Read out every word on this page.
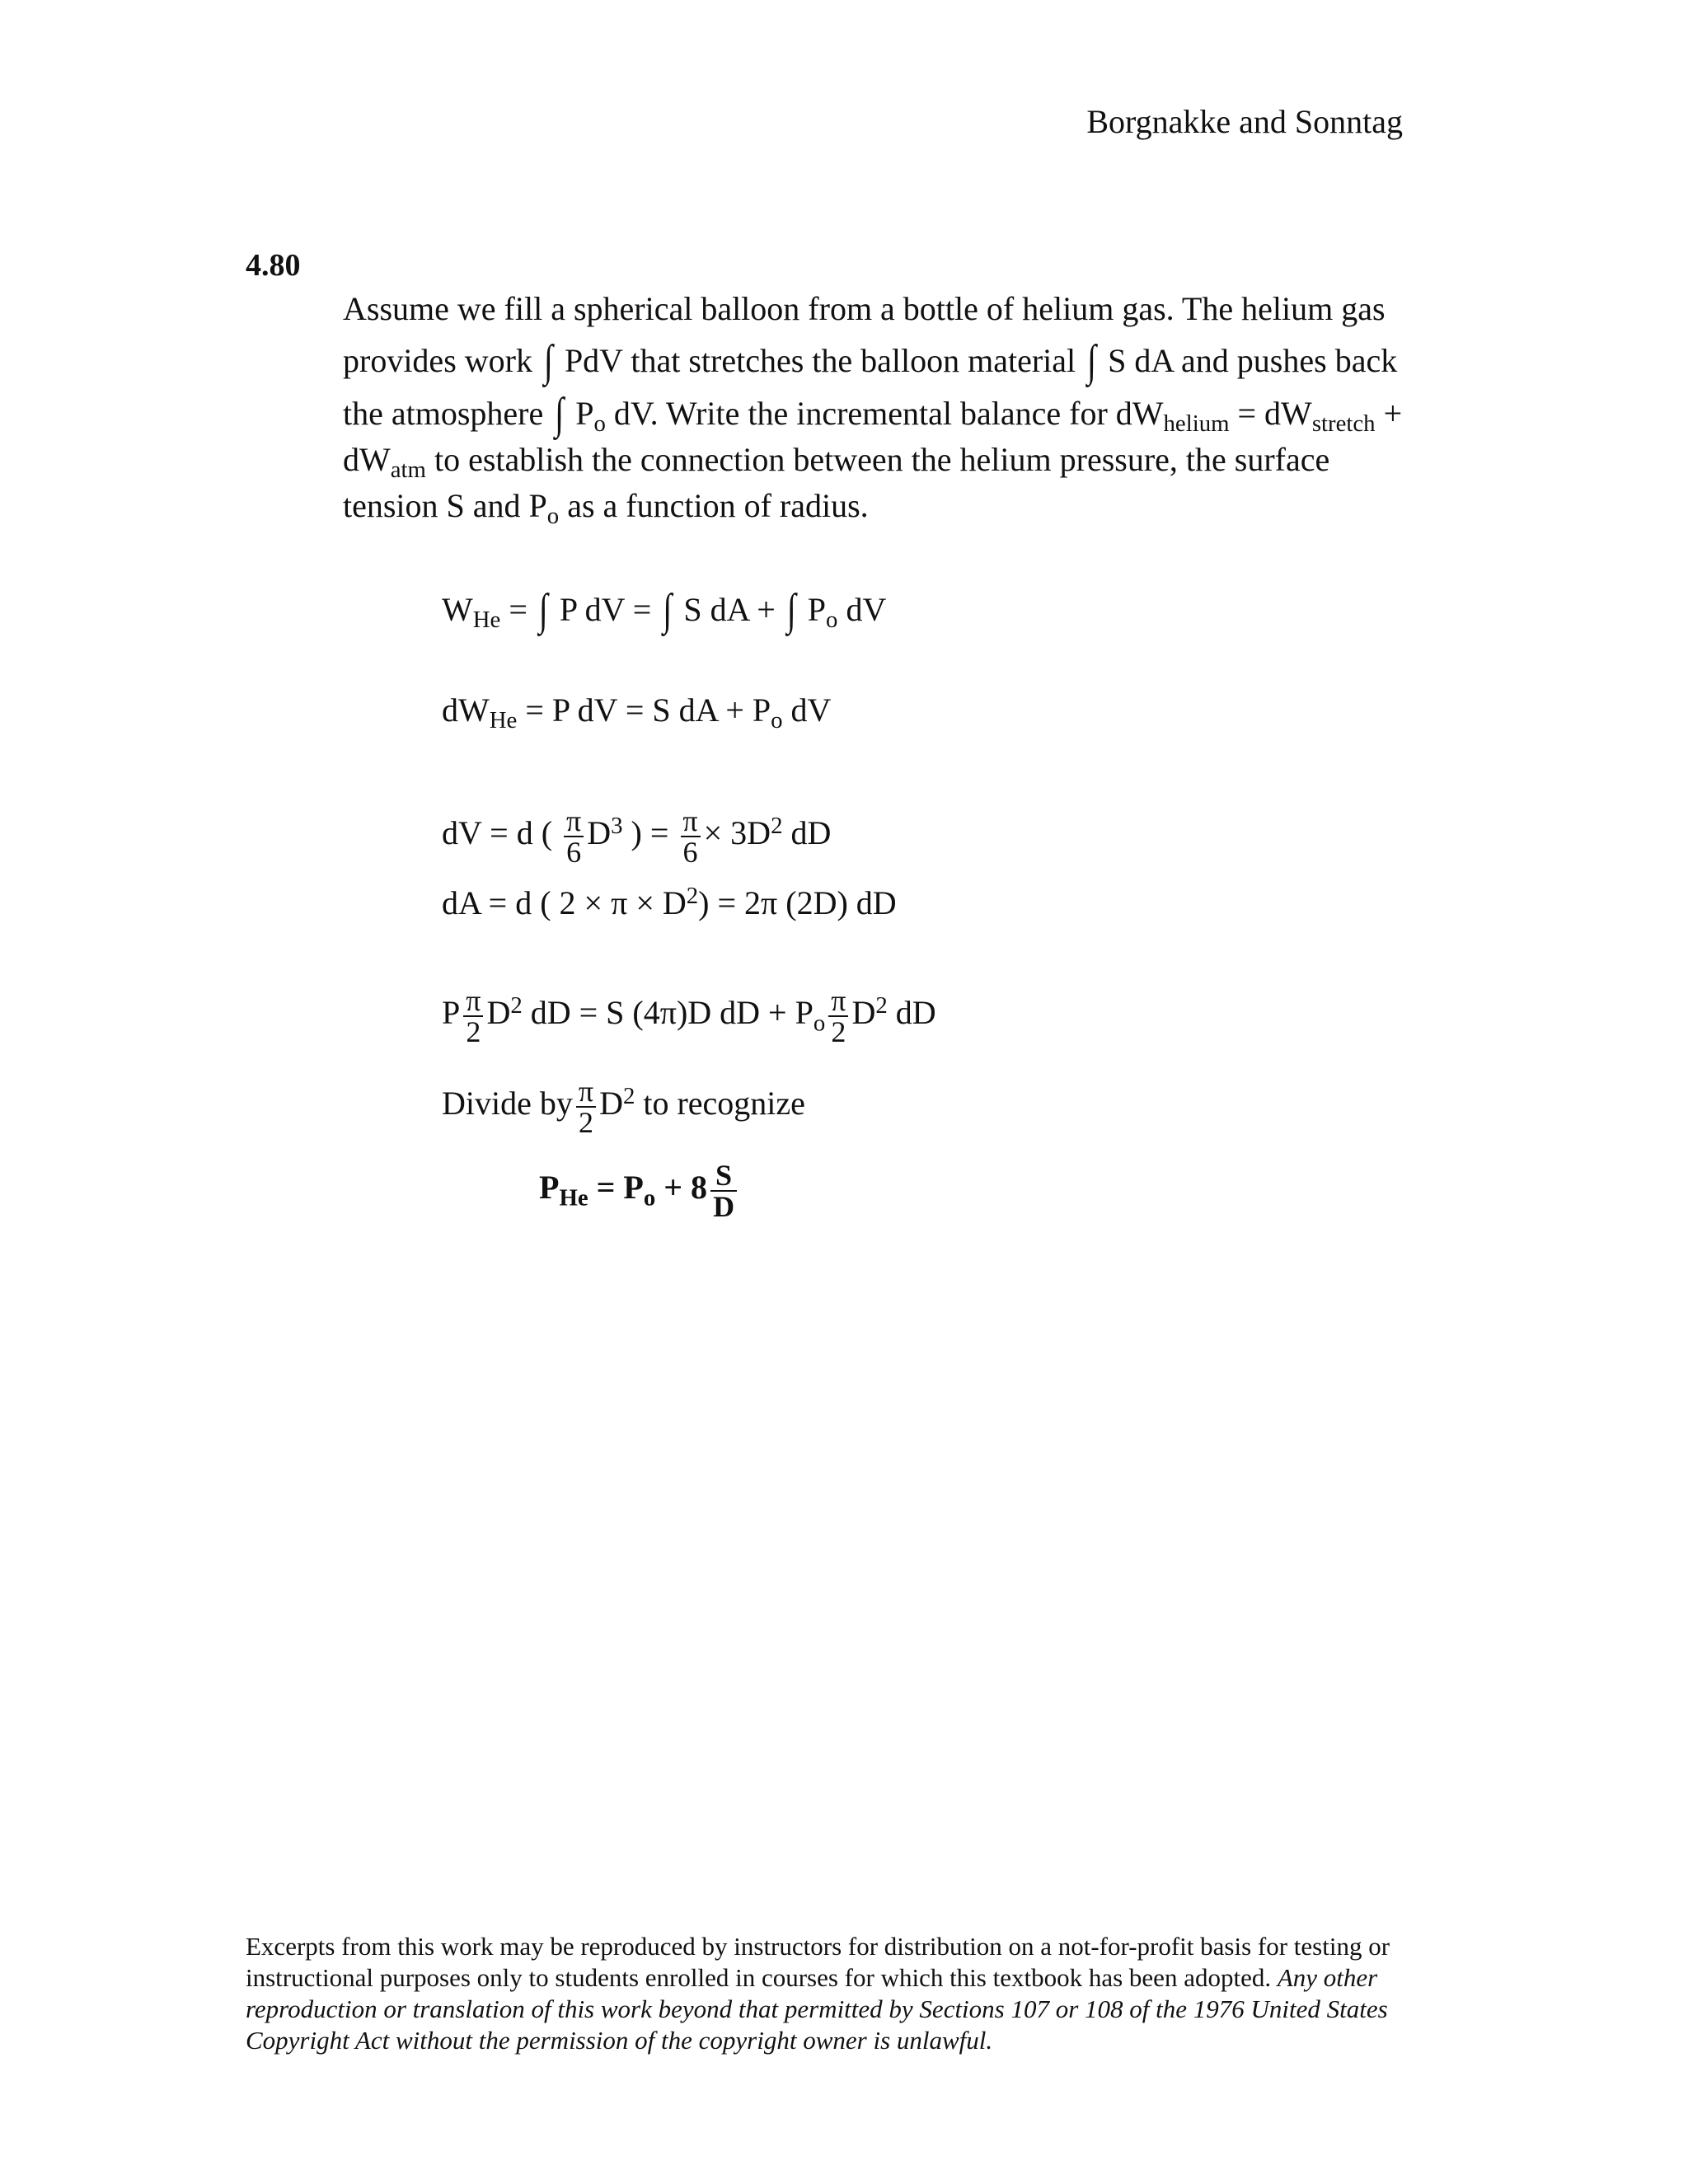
Borgnakke and Sonntag
4.80
Assume we fill a spherical balloon from a bottle of helium gas. The helium gas
provides work ∫ PdV that stretches the balloon material ∫ S dA and pushes back
the atmosphere ∫ $P_o$ dV. Write the incremental balance for $dW_{helium} = dW_{stretch}$ +
$dW_{atm}$ to establish the connection between the helium pressure, the surface
tension S and $P_o$ as a function of radius.
$W_{He}$ = ∫ P dV = ∫ S dA + ∫ $P_o$ dV
$dW_{He} = P$ dV = S dA + $P_o$ dV
dV = d ( $\frac{\pi}{6} D^3$ ) = $\frac{\pi}{6} \times 3D^2$ dD
dA = d ( $2 \times \pi \times D^2) = 2\pi$ (2D) dD
P $\frac{\pi}{2} D^2$ dD = S (4π)D dD + $P_o \frac{\pi}{2} D^2$ dD
Divide by $\frac{\pi}{2} D^2$ to recognize
$P_{He} = P_o + 8 \frac{S}{D}$
Excerpts from this work may be reproduced by instructors for distribution on a not-for-profit basis for testing or instructional purposes only to students enrolled in courses for which this textbook has been adopted. Any other reproduction or translation of this work beyond that permitted by Sections 107 or 108 of the 1976 United States Copyright Act without the permission of the copyright owner is unlawful.
